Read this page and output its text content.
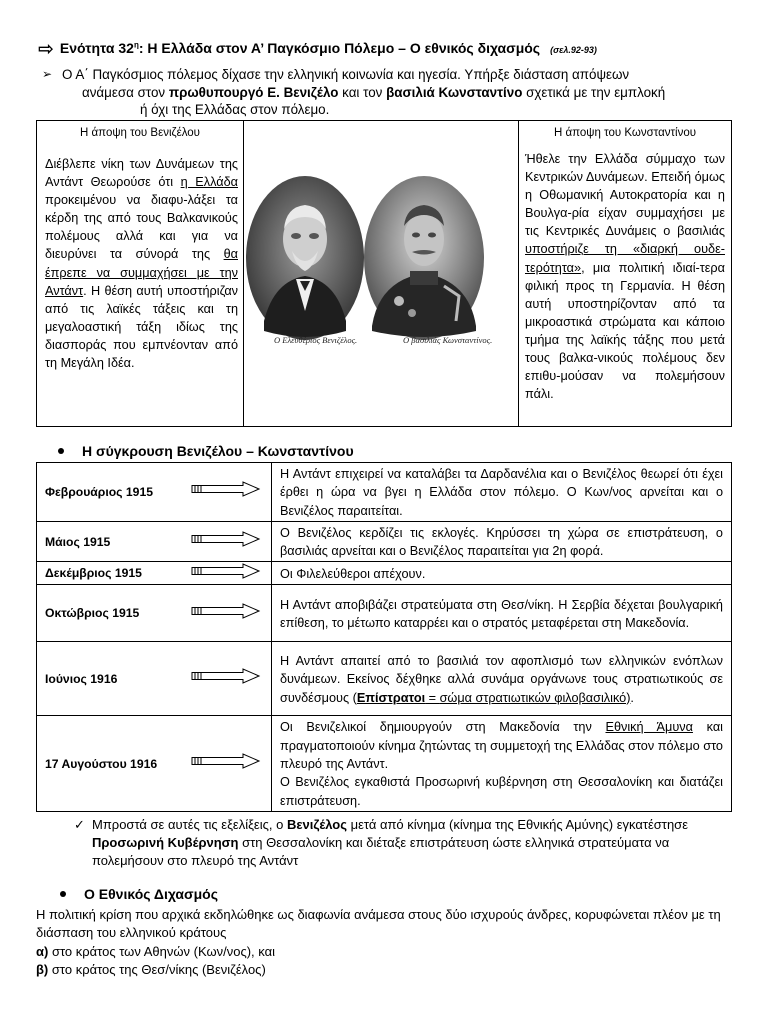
⇨ Ενότητα $32^\eta$: Η Ελλάδα στον Α’ Παγκόσμιο Πόλεμο – Ο εθνικός διχασμός (σελ.92-93)
➢ Ο Α΄ Παγκόσμιος πόλεμος δίχασε την ελληνική κοινωνία και ηγεσία. Υπήρξε διάσταση απόψεων
ανάμεσα στον πρωθυπουργό Ε. Βενιζέλο και τον βασιλιά Κωνσταντίνο σχετικά με την εμπλοκή
ή όχι της Ελλάδας στον πόλεμο.
Η άποψη του Βενιζέλου
Διέβλεπε νίκη των Δυνάμεων της Αντάντ Θεωρούσε ότι η Ελλάδα προκειμένου να διαφυ-λάξει τα κέρδη της από τους Βαλκανικούς πολέμους αλλά και για να διευρύνει τα σύνορά της θα έπρεπε να συμμαχήσει με την Αντάντ. Η θέση αυτή υποστήριζαν από τις λαϊκές τάξεις και τη μεγαλοαστική τάξη ιδίως της διασποράς που εμπνέονταν από τη Μεγάλη Ιδέα.

Ο Ελευθέριος Βενιζέλος.	Ο βασιλιάς Κωνσταντίνος.

Η άποψη του Κωνσταντίνου
Ήθελε την Ελλάδα σύμμαχο των Κεντρικών Δυνάμεων. Επειδή όμως η Οθωμανική Αυτοκρατορία και η Βουλγα-ρία είχαν συμμαχήσει με τις Κεντρικές Δυνάμεις ο βασιλιάς υποστήριζε τη «διαρκή ουδε-τερότητα», μια πολιτική ιδιαί-τερα φιλική προς τη Γερμανία. Η θέση αυτή υποστηρίζονταν από τα μικροαστικά στρώματα και κάποιο τμήμα της λαϊκής τάξης που μετά τους βαλκα-νικούς πολέμους δεν επιθυ-μούσαν να πολεμήσουν πάλι.
Η σύγκρουση Βενιζέλου – Κωνσταντίνου
Φεβρουάριος 1915		Η Αντάντ επιχειρεί να καταλάβει τα Δαρδανέλια και ο Βενιζέλος θεωρεί ότι έχει έρθει η ώρα να βγει η Ελλάδα στον πόλεμο. Ο Κων/νος αρνείται και ο Βενιζέλος παραιτείται.
Μάιος 1915		Ο Βενιζέλος κερδίζει τις εκλογές. Κηρύσσει τη χώρα σε επιστράτευση, ο βασιλιάς αρνείται και ο Βενιζέλος παραιτείται για 2η φορά.
Δεκέμβριος 1915		Οι Φιλελεύθεροι απέχουν.
Οκτώβριος 1915		Η Αντάντ αποβιβάζει στρατεύματα στη Θεσ/νίκη. Η Σερβία δέχεται βουλγαρική επίθεση, το μέτωπο καταρρέει και ο στρατός μεταφέρεται στη Μακεδονία.
Ιούνιος 1916		Η Αντάντ απαιτεί από το βασιλιά τον αφοπλισμό των ελληνικών ενόπλων δυνάμεων. Εκείνος δέχθηκε αλλά συνάμα οργάνωνε τους στρατιωτικούς σε συνδέσμους (Επίστρατοι = σώμα στρατιωτικών φιλοβασιλικό).
17 Αυγούστου 1916		Οι Βενιζελικοί δημιουργούν στη Μακεδονία την Εθνική Άμυνα και πραγματοποιούν κίνημα ζητώντας τη συμμετοχή της Ελλάδας στον πόλεμο στο πλευρό της Αντάντ.
Ο Βενιζέλος εγκαθιστά Προσωρινή κυβέρνηση στη Θεσσαλονίκη και διατάζει επιστράτευση.
✓ Μπροστά σε αυτές τις εξελίξεις, ο Βενιζέλος μετά από κίνημα (κίνημα της Εθνικής Αμύνης) εγκατέστησε Προσωρινή Κυβέρνηση στη Θεσσαλονίκη και διέταξε επιστράτευση ώστε ελληνικά στρατεύματα να πολεμήσουν στο πλευρό της Αντάντ
Ο Εθνικός Διχασμός
Η πολιτική κρίση που αρχικά εκδηλώθηκε ως διαφωνία ανάμεσα στους δύο ισχυρούς άνδρες, κορυφώνεται πλέον με τη διάσπαση του ελληνικού κράτους
α) στο κράτος των Αθηνών (Κων/νος), και
β) στο κράτος της Θεσ/νίκης (Βενιζέλος)
